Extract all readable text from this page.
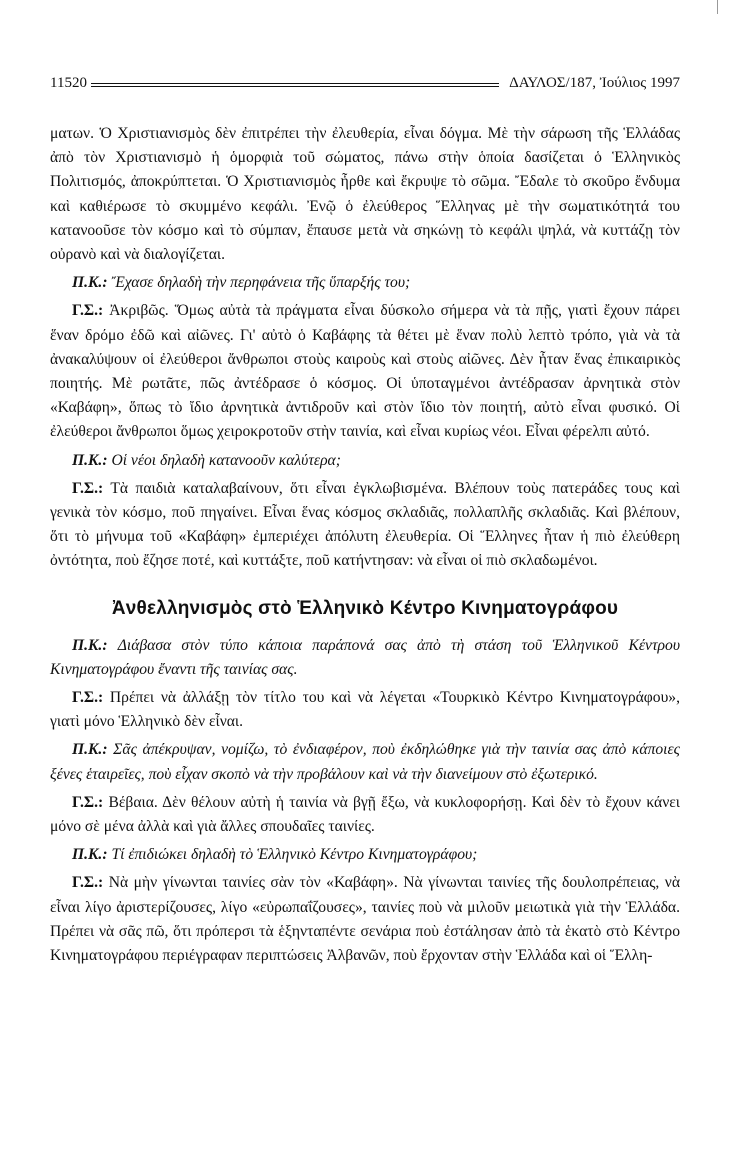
11520	ΔΑΥΛΟΣ/187, Ἰούλιος 1997

ματων. Ὁ Χριστιανισμὸς δὲν ἐπιτρέπει τὴν ἐλευθερία, εἶναι δόγμα. Μὲ τὴν σάρωση τῆς Ἑλλάδας ἀπὸ τὸν Χριστιανισμὸ ἡ ὁμορφιὰ τοῦ σώματος, πάνω στὴν ὁποία δασίζεται ὁ Ἑλληνικὸς Πολιτισμός, ἀποκρύπτεται. Ὁ Χριστιανισμὸς ἦρθε καὶ ἔκρυψε τὸ σῶμα. Ἔδαλε τὸ σκοῦρο ἔνδυμα καὶ καθιέρωσε τὸ σκυμμένο κεφάλι. Ἐνῷ ὁ ἐλεύθερος Ἕλληνας μὲ τὴν σωματικότητά του κατανοοῦσε τὸν κόσμο καὶ τὸ σύμπαν, ἔπαυσε μετὰ νὰ σηκώνῃ τὸ κεφάλι ψηλά, νὰ κυττάζῃ τὸν οὐρανὸ καὶ νὰ διαλογίζεται.

Π.Κ.: Ἔχασε δηλαδὴ τὴν περηφάνεια τῆς ὕπαρξής του;

Γ.Σ.: Ἀκριβῶς. Ὅμως αὐτὰ τὰ πράγματα εἶναι δύσκολο σήμερα νὰ τὰ πῇς, γιατὶ ἔχουν πάρει ἕναν δρόμο ἐδῶ καὶ αἰῶνες. Γι' αὐτὸ ὁ Καβάφης τὰ θέτει μὲ ἕναν πολὺ λεπτὸ τρόπο, γιὰ νὰ τὰ ἀνακαλύψουν οἱ ἐλεύθεροι ἄνθρωποι στοὺς καιροὺς καὶ στοὺς αἰῶνες. Δὲν ἦταν ἕνας ἐπικαιρικὸς ποιητής. Μὲ ρωτᾶτε, πῶς ἀντέδρασε ὁ κόσμος. Οἱ ὑποταγμένοι ἀντέδρασαν ἀρνητικὰ στὸν «Καβάφη», ὅπως τὸ ἴδιο ἀρνητικὰ ἀντιδροῦν καὶ στὸν ἴδιο τὸν ποιητή, αὐτὸ εἶναι φυσικό. Οἱ ἐλεύθεροι ἄνθρωποι ὅμως χειροκροτοῦν στὴν ταινία, καὶ εἶναι κυρίως νέοι. Εἶναι φέρελπι αὐτό.

Π.Κ.: Οἱ νέοι δηλαδὴ κατανοοῦν καλύτερα;

Γ.Σ.: Τὰ παιδιὰ καταλαβαίνουν, ὅτι εἶναι ἐγκλωβισμένα. Βλέπουν τοὺς πατεράδες τους καὶ γενικὰ τὸν κόσμο, ποῦ πηγαίνει. Εἶναι ἕνας κόσμος σκλαδιᾶς, πολλαπλῆς σκλαδιᾶς. Καὶ βλέπουν, ὅτι τὸ μήνυμα τοῦ «Καβάφη» ἐμπεριέχει ἀπόλυτη ἐλευθερία. Οἱ Ἕλληνες ἦταν ἡ πιὸ ἐλεύθερη ὀντότητα, ποὺ ἔζησε ποτέ, καὶ κυττάξτε, ποῦ κατήντησαν: νὰ εἶναι οἱ πιὸ σκλαδωμένοι.

Ἀνθελληνισμὸς στὸ Ἑλληνικὸ Κέντρο Κινηματογράφου

Π.Κ.: Διάβασα στὸν τύπο κάποια παράπονά σας ἀπὸ τὴ στάση τοῦ Ἑλληνικοῦ Κέντρου Κινηματογράφου ἔναντι τῆς ταινίας σας.

Γ.Σ.: Πρέπει νὰ ἀλλάξῃ τὸν τίτλο του καὶ νὰ λέγεται «Τουρκικὸ Κέντρο Κινηματογράφου», γιατὶ μόνο Ἑλληνικὸ δὲν εἶναι.

Π.Κ.: Σᾶς ἀπέκρυψαν, νομίζω, τὸ ἐνδιαφέρον, ποὺ ἐκδηλώθηκε γιὰ τὴν ταινία σας ἀπὸ κάποιες ξένες ἑταιρεῖες, ποὺ εἶχαν σκοπὸ νὰ τὴν προβάλουν καὶ νὰ τὴν διανείμουν στὸ ἐξωτερικό.

Γ.Σ.: Βέβαια. Δὲν θέλουν αὐτὴ ἡ ταινία νὰ βγῇ ἔξω, νὰ κυκλοφορήσῃ. Καὶ δὲν τὸ ἔχουν κάνει μόνο σὲ μένα ἀλλὰ καὶ γιὰ ἄλλες σπουδαῖες ταινίες.

Π.Κ.: Τί ἐπιδιώκει δηλαδὴ τὸ Ἑλληνικὸ Κέντρο Κινηματογράφου;

Γ.Σ.: Νὰ μὴν γίνωνται ταινίες σὰν τὸν «Καβάφη». Νὰ γίνωνται ταινίες τῆς δουλοπρέπειας, νὰ εἶναι λίγο ἀριστερίζουσες, λίγο «εὐρωπαΐζουσες», ταινίες ποὺ νὰ μιλοῦν μειωτικὰ γιὰ τὴν Ἑλλάδα. Πρέπει νὰ σᾶς πῶ, ὅτι πρόπερσι τὰ ἑξηνταπέντε σενάρια ποὺ ἐστάλησαν ἀπὸ τὰ ἑκατὸ στὸ Κέντρο Κινηματογράφου περιέγραφαν περιπτώσεις Ἀλβανῶν, ποὺ ἔρχονταν στὴν Ἑλλάδα καὶ οἱ Ἕλλη-
